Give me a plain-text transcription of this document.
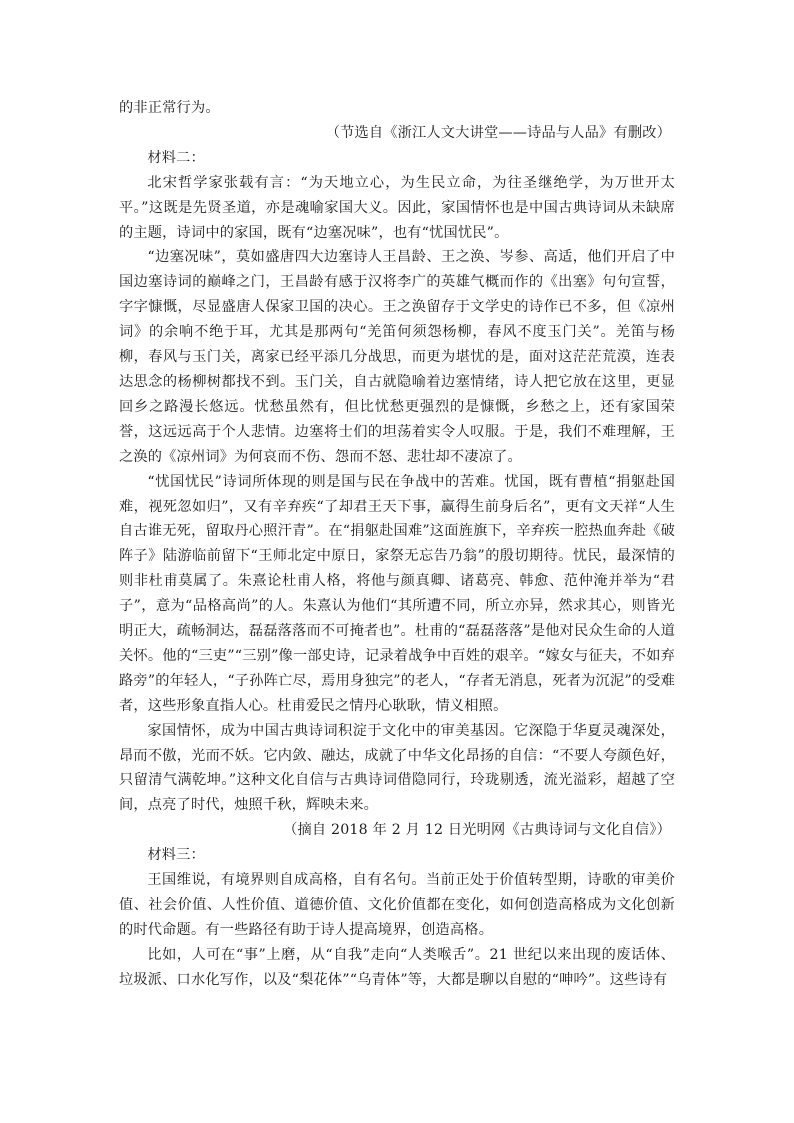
的非正常行为。

（节选自《浙江人文大讲堂——诗品与人品》有删改）

材料二：

北宋哲学家张载有言：“为天地立心，为生民立命，为往圣继绝学，为万世开太平。”这既是先贤圣道，亦是魂喻家国大义。因此，家国情怀也是中国古典诗词从未缺席的主题，诗词中的家国，既有“边塞况味”，也有“忧国忧民”。

“边塞况味”，莫如盛唐四大边塞诗人王昌龄、王之涣、岑参、高适，他们开启了中国边塞诗词的巅峰之门，王昌龄有感于汉将李广的英雄气概而作的《出塞》句句宣誓，字字慷慨，尽显盛唐人保家卫国的决心。王之涣留存于文学史的诗作已不多，但《凉州词》的余响不绝于耳，尤其是那两句“羌笛何须怨杨柳，春风不度玉门关”。羌笛与杨柳，春风与玉门关，离家已经平添几分战思，而更为堪忧的是，面对这茫茫荒漠，连表达思念的杨柳树都找不到。玉门关，自古就隐喻着边塞情绪，诗人把它放在这里，更显回乡之路漫长悠远。忧愁虽然有，但比忧愁更强烈的是慷慨，乡愁之上，还有家国荣誉，这远远高于个人悲情。边塞将士们的坦荡着实令人叹服。于是，我们不难理解，王之涣的《凉州词》为何哀而不伤、怨而不怒、悲壮却不凄凉了。

“忧国忧民”诗词所体现的则是国与民在争战中的苦难。忧国，既有曹植“捐躯赴国难，视死忽如归”，又有辛弃疾“了却君王天下事，赢得生前身后名”，更有文天祥“人生自古谁无死，留取丹心照汗青”。在“捐躯赴国难”这面旌旗下，辛弃疾一腔热血奔赴《破阵子》陆游临前留下“王师北定中原日，家祭无忘告乃翁”的殷切期待。忧民，最深情的则非杜甫莫属了。朱熹论杜甫人格，将他与颜真卿、诸葛亮、韩愈、范仲淹并举为“君子”，意为“品格高尚”的人。朱熹认为他们“其所遭不同，所立亦异，然求其心，则皆光明正大，疏畅洞达，磊磊落落而不可掩者也”。杜甫的“磊磊落落”是他对民众生命的人道关怀。他的“三吏”“三别”像一部史诗，记录着战争中百姓的艰辛。“嫁女与征夫，不如弃路旁”的年轻人，“子孙阵亡尽，焉用身独完”的老人，“存者无消息，死者为沉泥”的受难者，这些形象直指人心。杜甫爱民之情丹心耿耿，情义相照。

家国情怀，成为中国古典诗词积淀于文化中的审美基因。它深隐于华夏灵魂深处，昂而不傲，光而不妖。它内敛、融达，成就了中华文化昂扬的自信：“不要人夸颜色好，只留清气满乾坤。”这种文化自信与古典诗词借隐同行，玲珑剔透，流光溢彩，超越了空间，点亮了时代，烛照千秋，辉映未来。

（摘自 2018 年 2 月 12 日光明网《古典诗词与文化自信》）

材料三：

王国维说，有境界则自成高格，自有名句。当前正处于价值转型期，诗歌的审美价值、社会价值、人性价值、道德价值、文化价值都在变化，如何创造高格成为文化创新的时代命题。有一些路径有助于诗人提高境界，创造高格。

比如，人可在“事”上磨，从“自我”走向“人类喉舌”。21 世纪以来出现的废话体、垃圾派、口水化写作，以及“梨花体”“乌青体”等，大都是聊以自慰的“呻吟”。这些诗有
